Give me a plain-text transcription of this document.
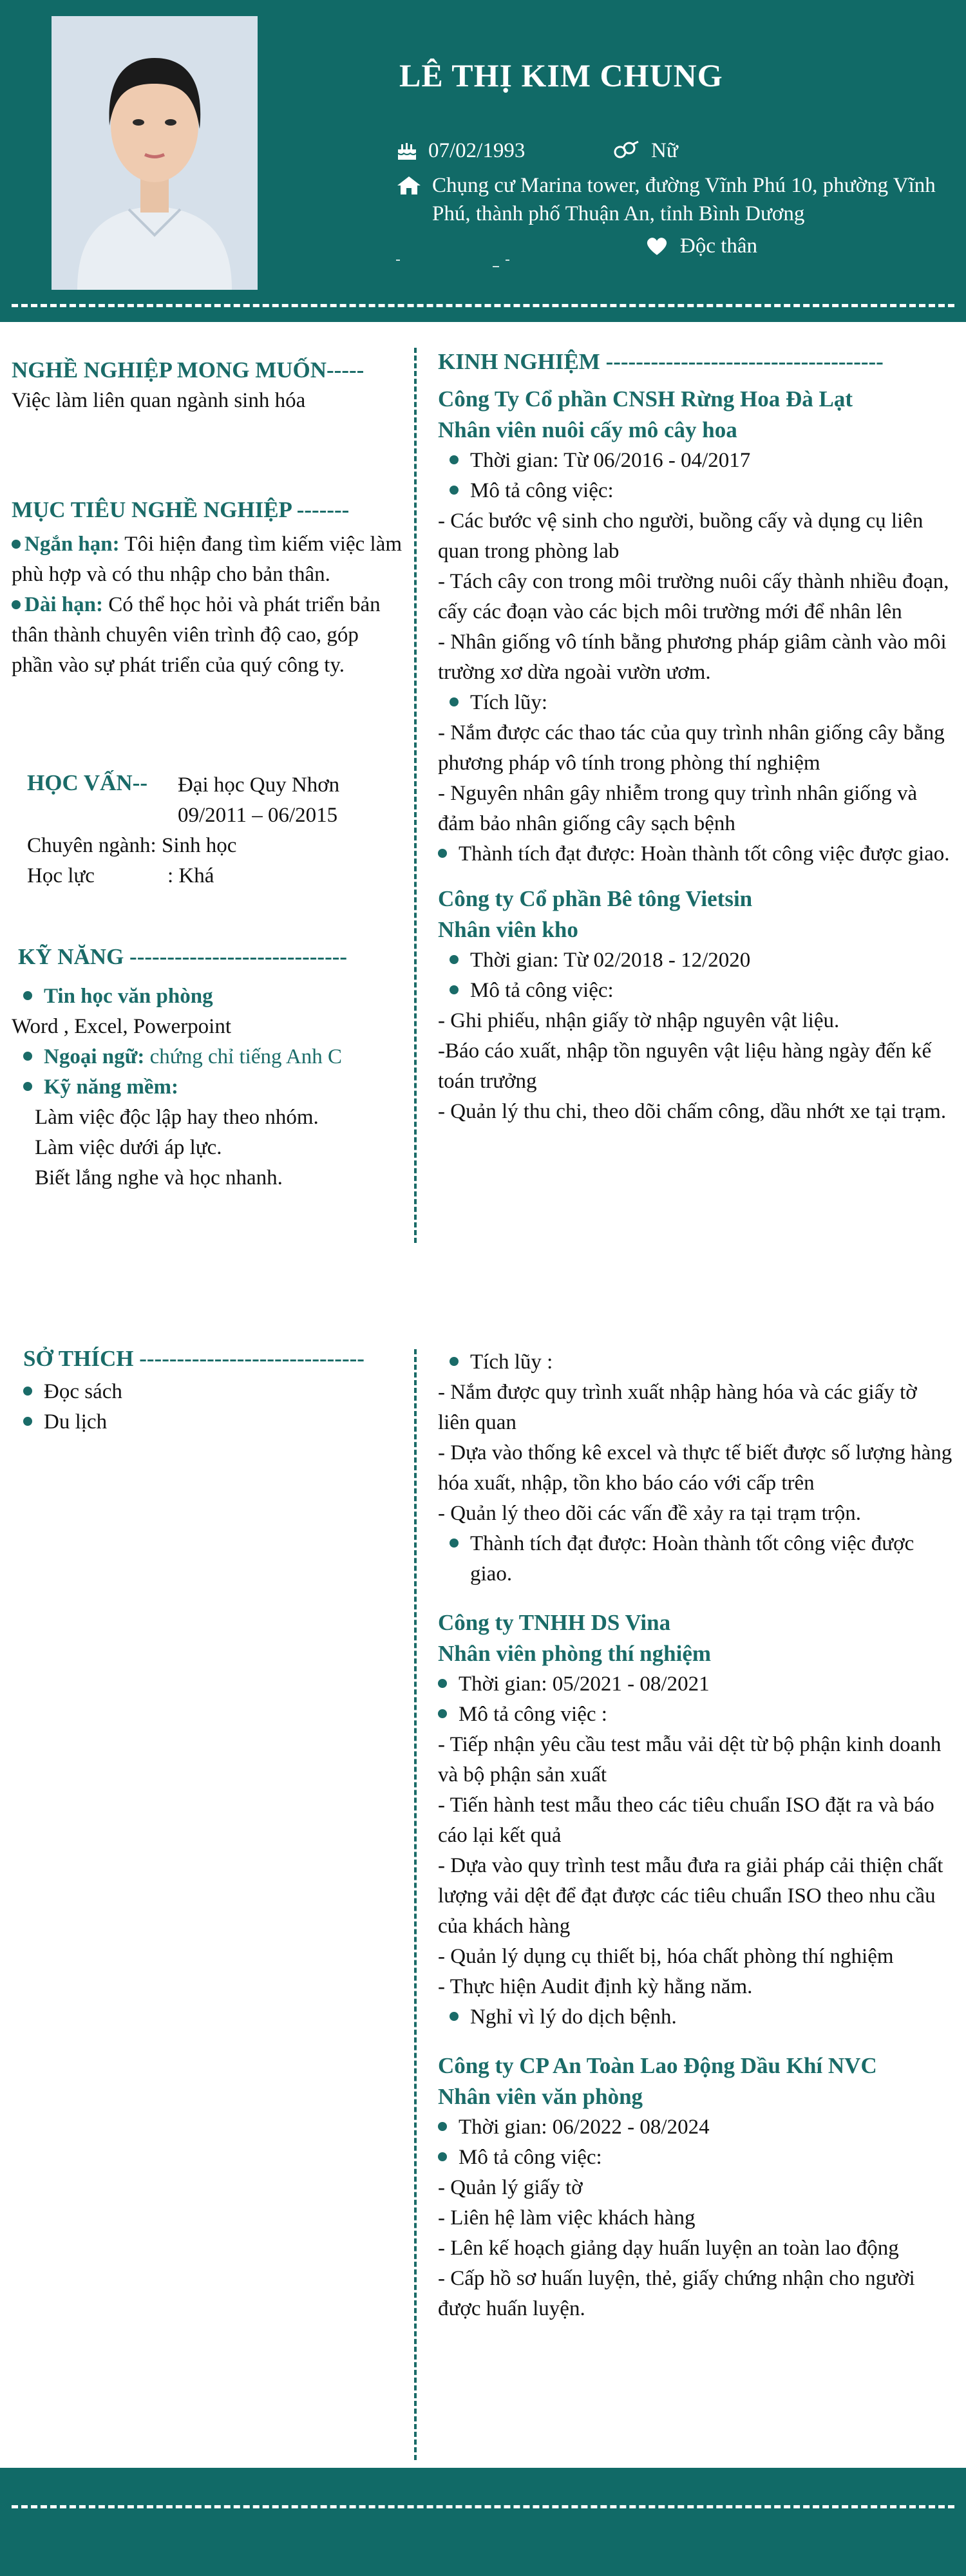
LÊ THỊ KIM CHUNG
07/02/1993	Nữ
Chụng cư Marina tower, đường Vĩnh Phú 10, phường Vĩnh Phú, thành phố Thuận An, tỉnh Bình Dương
Độc thân
NGHỀ NGHIỆP MONG MUỐN-----
Việc làm liên quan ngành sinh hóa
MỤC TIÊU NGHỀ NGHIỆP -------
Ngắn hạn: Tôi hiện đang tìm kiếm việc làm phù hợp và có thu nhập cho bản thân.
Dài hạn: Có thể học hỏi và phát triển bản thân thành chuyên viên trình độ cao, góp phần vào sự phát triển của quý công ty.
HỌC VẤN--	Đại học Quy Nhơn
09/2011 – 06/2015
Chuyên ngành: Sinh học
Học lực	: Khá
KỸ NĂNG -----------------------------
Tin học văn phòng
Word , Excel, Powerpoint
Ngoại ngữ: chứng chỉ tiếng Anh C
Kỹ năng mềm:
Làm việc độc lập hay theo nhóm.
Làm việc dưới áp lực.
Biết lắng nghe và học nhanh.
SỞ THÍCH ------------------------------
Đọc sách
Du lịch
KINH NGHIỆM -------------------------------------
Công Ty Cổ phần CNSH Rừng Hoa Đà Lạt
Nhân viên nuôi cấy mô cây hoa
Thời gian: Từ 06/2016 - 04/2017
Mô tả công việc:
- Các bước vệ sinh cho người, buồng cấy và dụng cụ liên quan trong phòng lab
- Tách cây con trong môi trường nuôi cấy thành nhiều đoạn, cấy các đoạn vào các bịch môi trường mới để nhân lên
- Nhân giống vô tính bằng phương pháp giâm cành vào môi trường xơ dừa ngoài vườn ươm.
Tích lũy:
- Nắm được các thao tác của quy trình nhân giống cây bằng phương pháp vô tính trong phòng thí nghiệm
- Nguyên nhân gây nhiễm trong quy trình nhân giống và đảm bảo nhân giống cây sạch bệnh
Thành tích đạt được: Hoàn thành tốt công việc được giao.
Công ty Cổ phần Bê tông Vietsin
Nhân viên kho
Thời gian: Từ 02/2018 - 12/2020
Mô tả công việc:
- Ghi phiếu, nhận giấy tờ nhập nguyên vật liệu.
-Báo cáo xuất, nhập tồn nguyên vật liệu hàng ngày đến kế toán trưởng
- Quản lý thu chi, theo dõi chấm công, dầu nhớt xe tại trạm.
Tích lũy :
- Nắm được quy trình xuất nhập hàng hóa và các giấy tờ liên quan
- Dựa vào thống kê excel và thực tế biết được số lượng hàng hóa xuất, nhập, tồn kho báo cáo với cấp trên
- Quản lý theo dõi các vấn đề xảy ra tại trạm trộn.
Thành tích đạt được: Hoàn thành tốt công việc được giao.
Công ty TNHH DS Vina
Nhân viên phòng thí nghiệm
Thời gian: 05/2021 - 08/2021
Mô tả công việc :
- Tiếp nhận yêu cầu test mẫu vải dệt từ bộ phận kinh doanh và bộ phận sản xuất
- Tiến hành test mẫu theo các tiêu chuẩn ISO đặt ra và báo cáo lại kết quả
- Dựa vào quy trình test mẫu đưa ra giải pháp cải thiện chất lượng vải dệt để đạt được các tiêu chuẩn ISO theo nhu cầu của khách hàng
- Quản lý dụng cụ thiết bị, hóa chất phòng thí nghiệm
- Thực hiện Audit định kỳ hằng năm.
Nghỉ vì lý do dịch bệnh.
Công ty CP An Toàn Lao Động Dầu Khí NVC
Nhân viên văn phòng
Thời gian: 06/2022 - 08/2024
Mô tả công việc:
- Quản lý giấy tờ
- Liên hệ làm việc khách hàng
- Lên kế hoạch giảng dạy huấn luyện an toàn lao động
- Cấp hồ sơ huấn luyện, thẻ, giấy chứng nhận cho người được huấn luyện.
